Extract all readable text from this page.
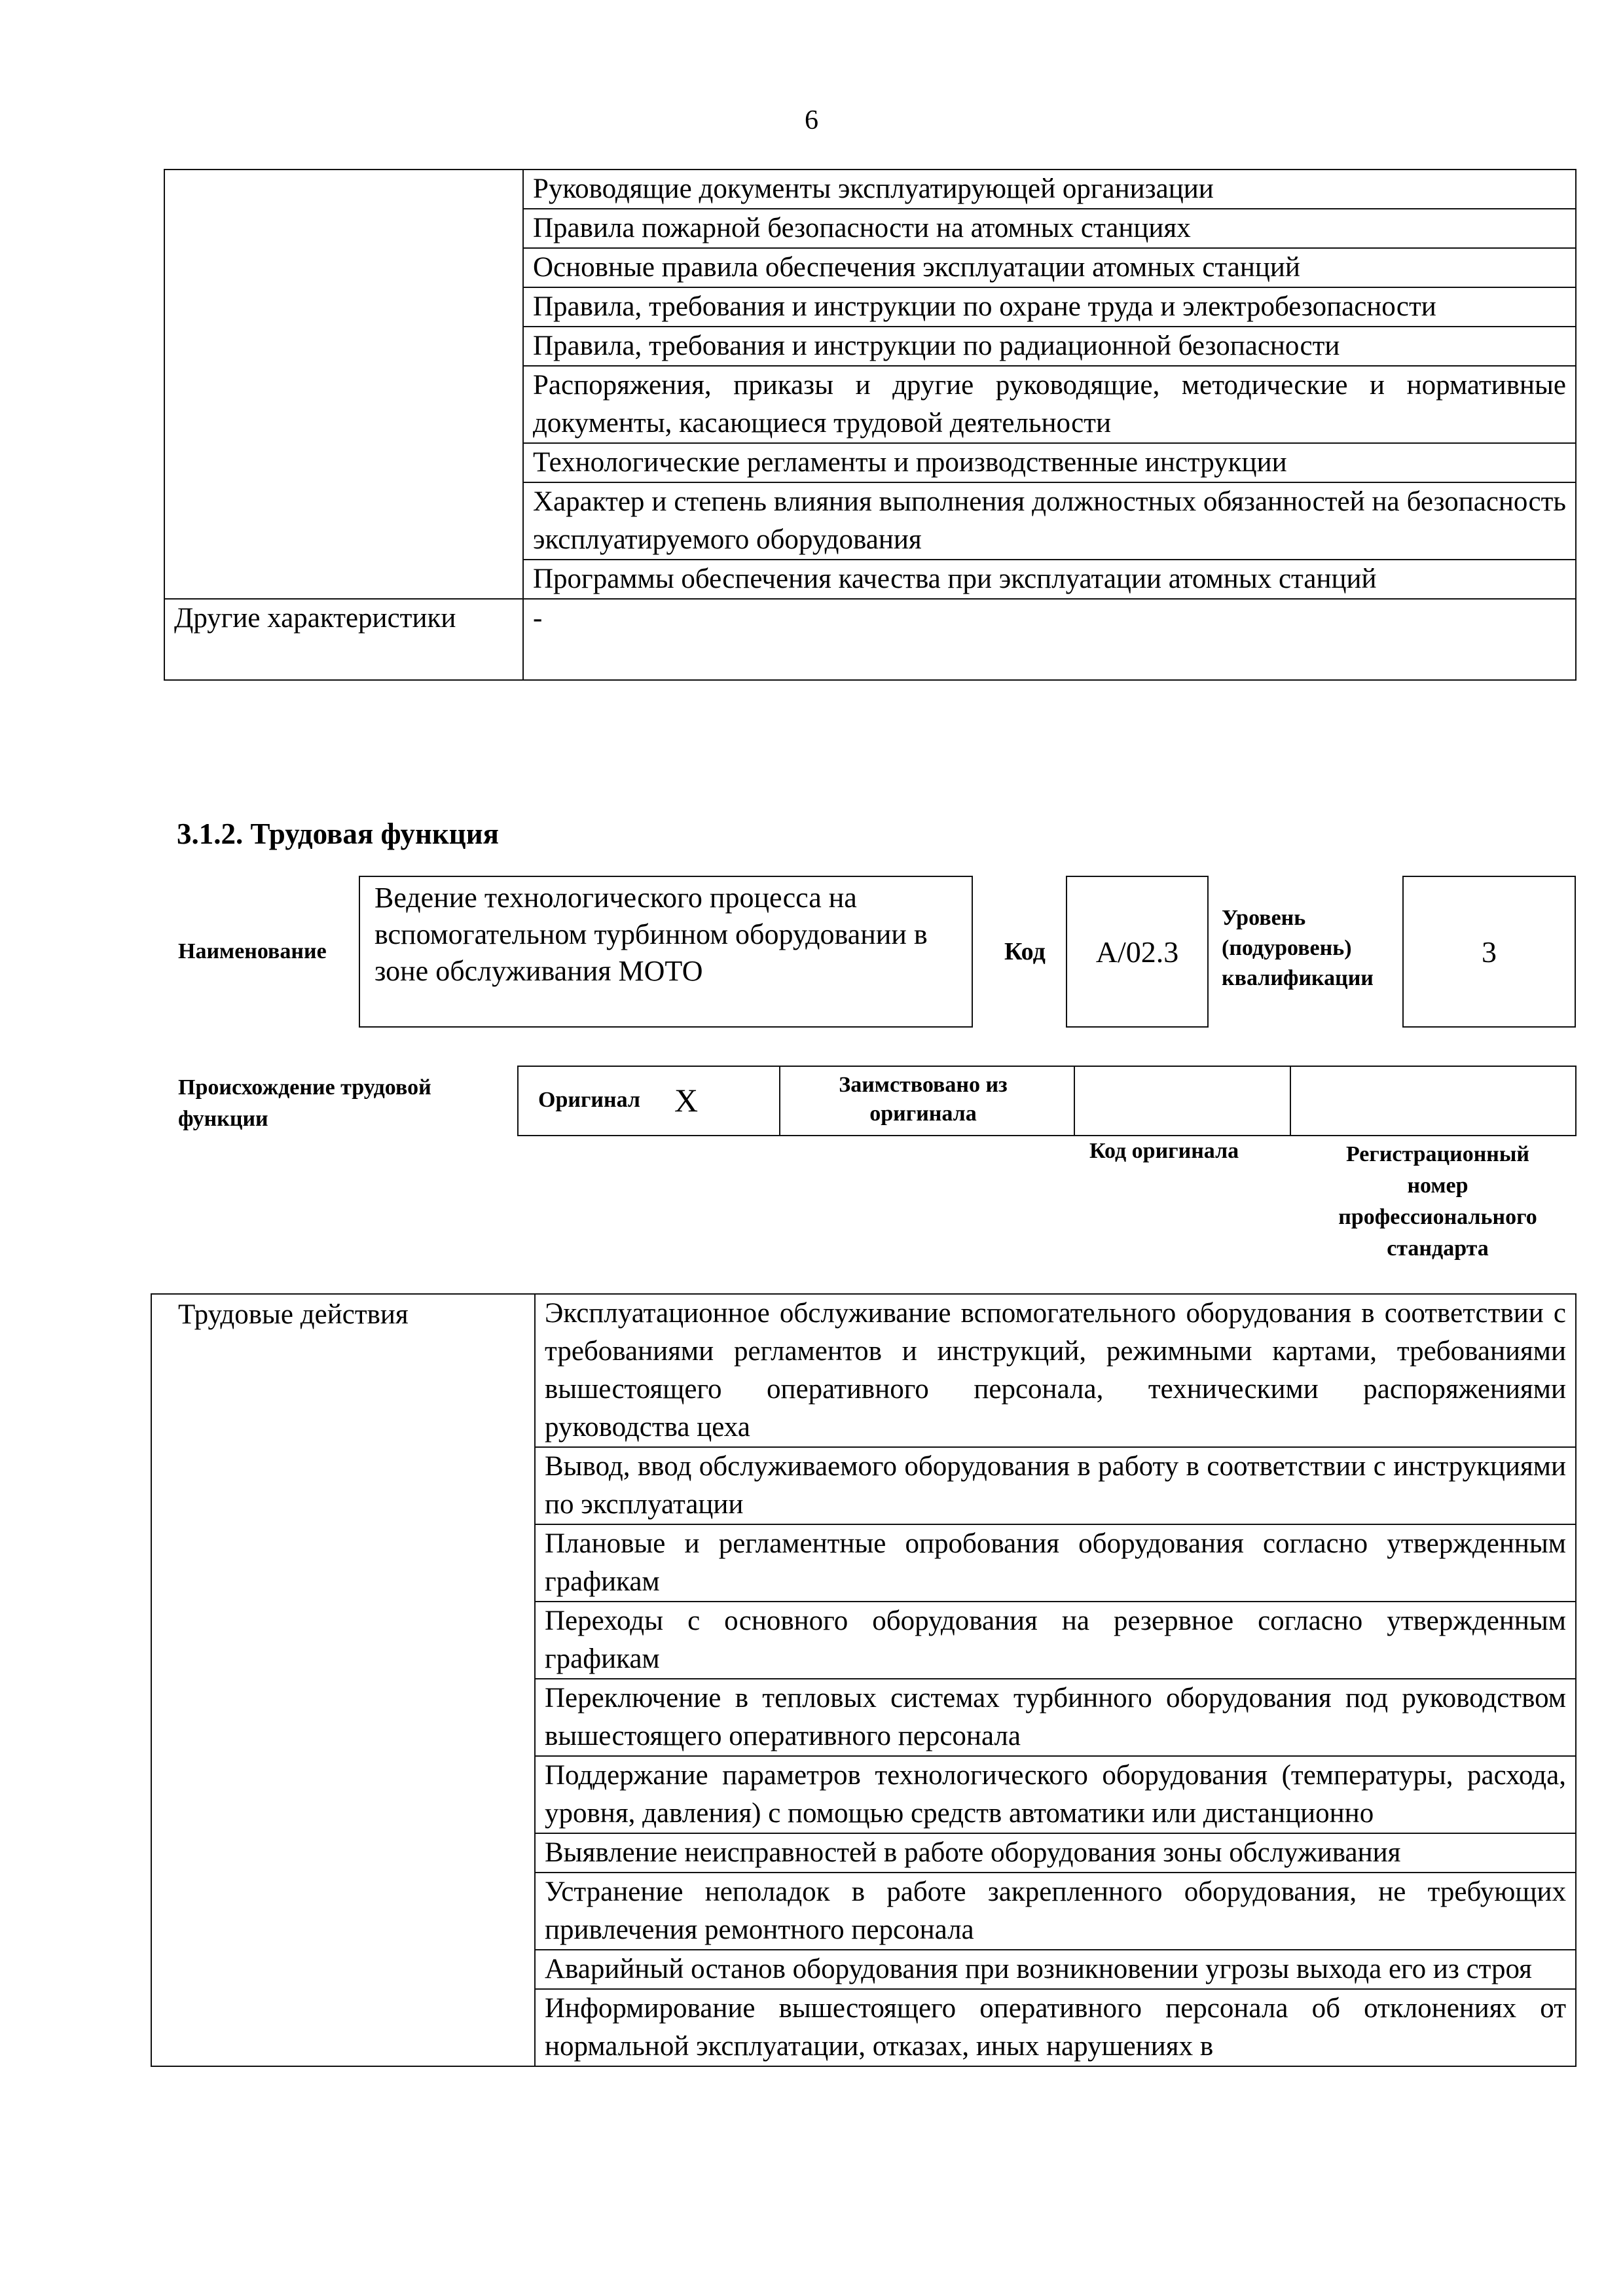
6
	Руководящие документы эксплуатирующей организации
	Правила пожарной безопасности на атомных станциях
	Основные правила обеспечения эксплуатации атомных станций
	Правила, требования и инструкции по охране труда и электробезопасности
	Правила, требования и инструкции по радиационной безопасности
	Распоряжения, приказы и другие руководящие, методические и нормативные документы, касающиеся трудовой деятельности
	Технологические регламенты и производственные инструкции
	Характер и степень влияния выполнения должностных обязанностей на безопасность эксплуатируемого оборудования
	Программы обеспечения качества при эксплуатации атомных станций
Другие характеристики	-
3.1.2. Трудовая функция
Наименование
Ведение технологического процесса на вспомогательном турбинном оборудовании в зоне обслуживания МОТО
Код	А/02.3
Уровень
(подуровень)
квалификации
3
Происхождение трудовой
функции
Оригинал X	Заимствовано из
оригинала
Код оригинала	Регистрационный
номер
профессионального
стандарта
Трудовые действия	Эксплуатационное обслуживание вспомогательного оборудования в соответствии с требованиями регламентов и инструкций, режимными картами, требованиями вышестоящего оперативного персонала, техническими распоряжениями руководства цеха
Вывод, ввод обслуживаемого оборудования в работу в соответствии с инструкциями по эксплуатации
Плановые и регламентные опробования оборудования согласно утвержденным графикам
Переходы с основного оборудования на резервное согласно утвержденным графикам
Переключение в тепловых системах турбинного оборудования под руководством вышестоящего оперативного персонала
Поддержание параметров технологического оборудования (температуры, расхода, уровня, давления) с помощью средств автоматики или дистанционно
Выявление неисправностей в работе оборудования зоны обслуживания
Устранение неполадок в работе закрепленного оборудования, не требующих привлечения ремонтного персонала
Аварийный останов оборудования при возникновении угрозы выхода его из строя
Информирование вышестоящего оперативного персонала об отклонениях от нормальной эксплуатации, отказах, иных нарушениях в
